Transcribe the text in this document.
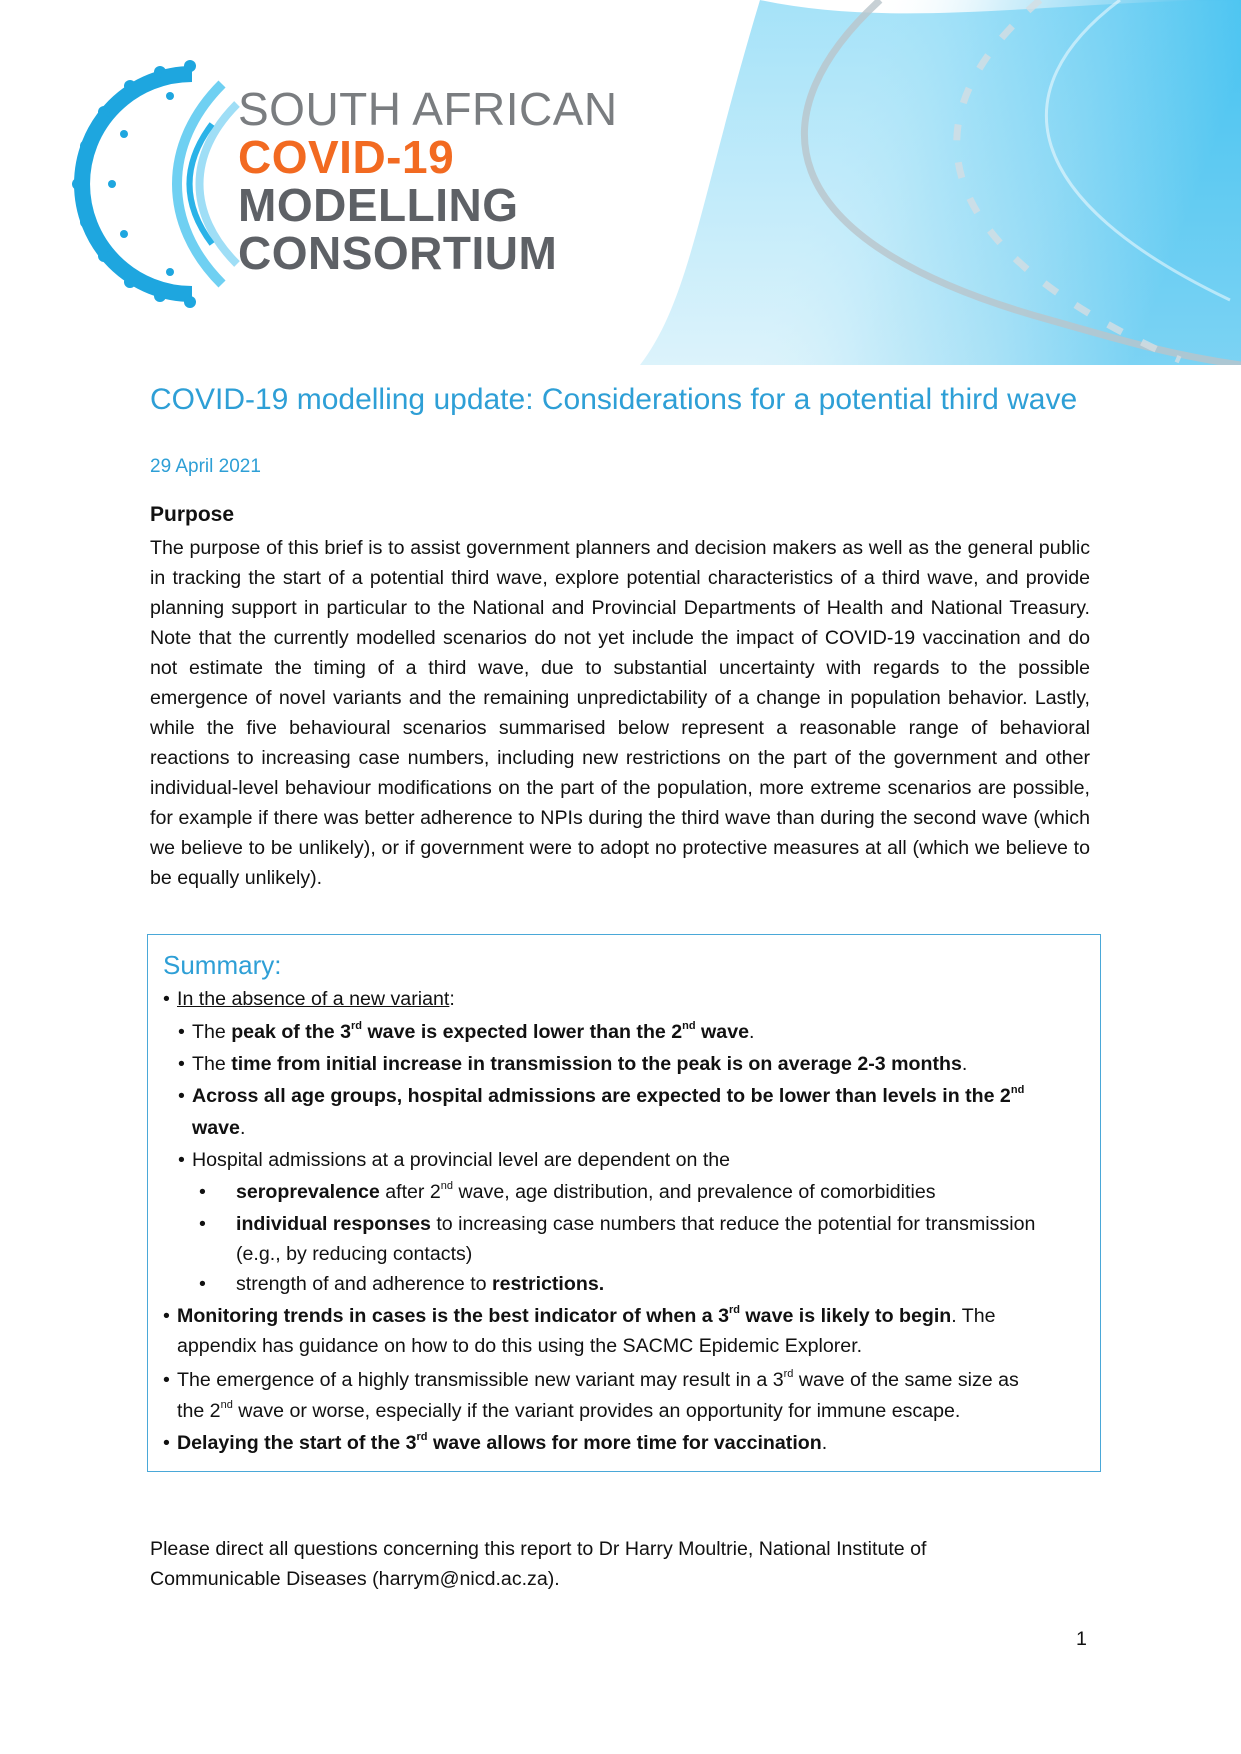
SOUTH AFRICAN
COVID-19
MODELLING
CONSORTIUM
COVID-19 modelling update: Considerations for a potential third wave
29 April 2021
Purpose
The purpose of this brief is to assist government planners and decision makers as well as the general public in tracking the start of a potential third wave, explore potential characteristics of a third wave, and provide planning support in particular to the National and Provincial Departments of Health and National Treasury. Note that the currently modelled scenarios do not yet include the impact of COVID-19 vaccination and do not estimate the timing of a third wave, due to substantial uncertainty with regards to the possible emergence of novel variants and the remaining unpredictability of a change in population behavior. Lastly, while the five behavioural scenarios summarised below represent a reasonable range of behavioral reactions to increasing case numbers, including new restrictions on the part of the government and other individual-level behaviour modifications on the part of the population, more extreme scenarios are possible, for example if there was better adherence to NPIs during the third wave than during the second wave (which we believe to be unlikely), or if government were to adopt no protective measures at all (which we believe to be equally unlikely).
Summary:
• In the absence of a new variant:
• The peak of the 3rd wave is expected lower than the 2nd wave.
• The time from initial increase in transmission to the peak is on average 2-3 months.
• Across all age groups, hospital admissions are expected to be lower than levels in the 2nd
wave.
• Hospital admissions at a provincial level are dependent on the
• seroprevalence after 2nd wave, age distribution, and prevalence of comorbidities
• individual responses to increasing case numbers that reduce the potential for transmission
(e.g., by reducing contacts)
• strength of and adherence to restrictions.
• Monitoring trends in cases is the best indicator of when a 3rd wave is likely to begin. The
appendix has guidance on how to do this using the SACMC Epidemic Explorer.
• The emergence of a highly transmissible new variant may result in a 3rd wave of the same size as
the 2nd wave or worse, especially if the variant provides an opportunity for immune escape.
• Delaying the start of the 3rd wave allows for more time for vaccination.
Please direct all questions concerning this report to Dr Harry Moultrie, National Institute of
Communicable Diseases (harrym@nicd.ac.za).
1
